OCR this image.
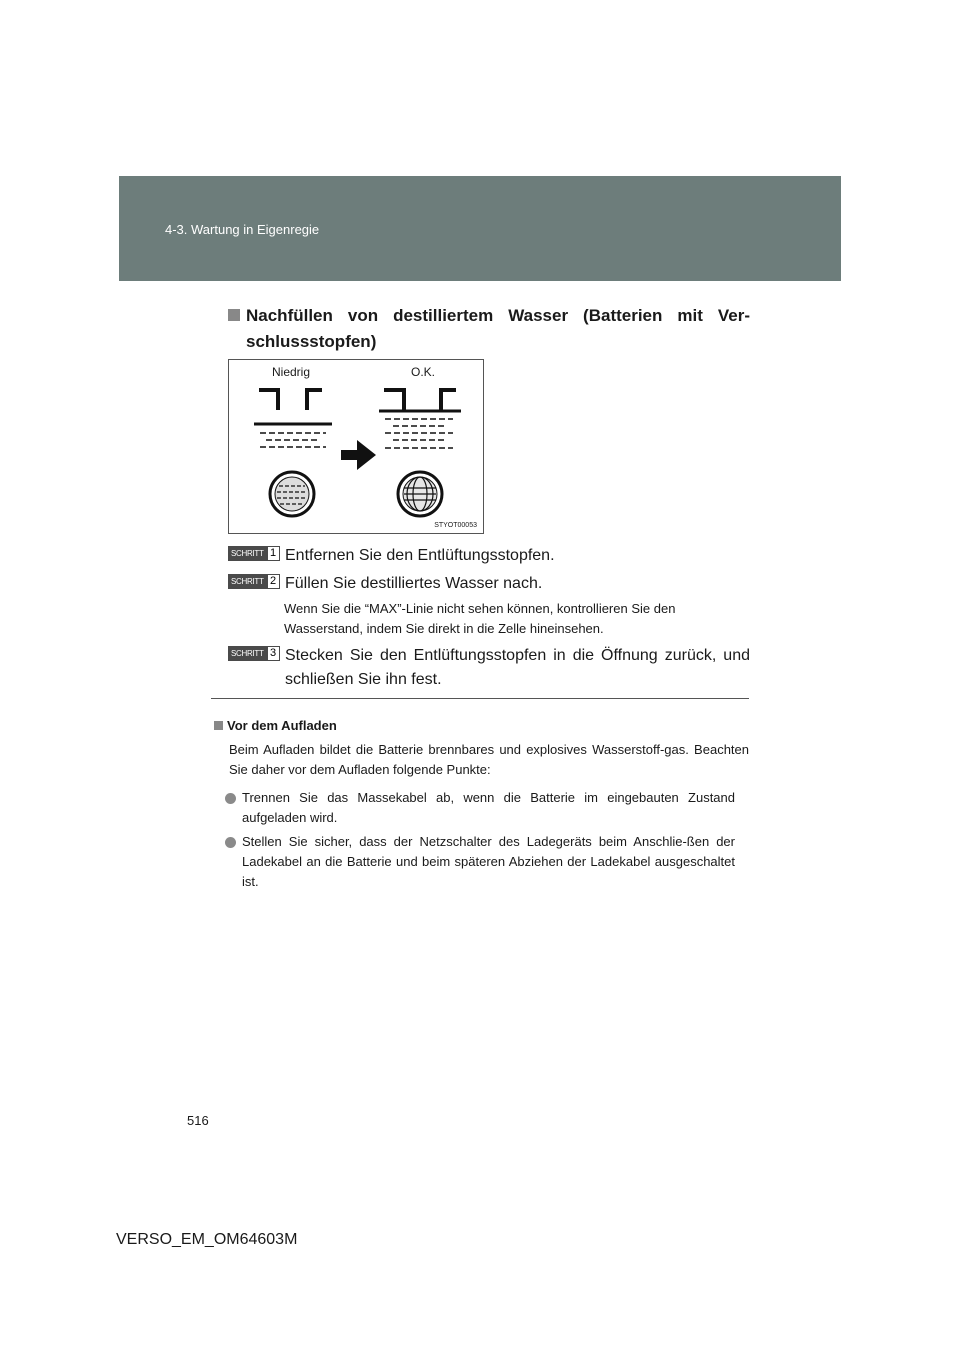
4-3. Wartung in Eigenregie
Nachfüllen von destilliertem Wasser (Batterien mit Ver-schlussstopfen)
Niedrig	O.K.
STYOT00053
SCHRITT 1 Entfernen Sie den Entlüftungsstopfen.
SCHRITT 2 Füllen Sie destilliertes Wasser nach.
Wenn Sie die “MAX”-Linie nicht sehen können, kontrollieren Sie den Wasserstand, indem Sie direkt in die Zelle hineinsehen.
SCHRITT 3 Stecken Sie den Entlüftungsstopfen in die Öffnung zurück, und schließen Sie ihn fest.
Vor dem Aufladen
Beim Aufladen bildet die Batterie brennbares und explosives Wasserstoff-gas. Beachten Sie daher vor dem Aufladen folgende Punkte:
Trennen Sie das Massekabel ab, wenn die Batterie im eingebauten Zustand aufgeladen wird.
Stellen Sie sicher, dass der Netzschalter des Ladegeräts beim Anschlie-ßen der Ladekabel an die Batterie und beim späteren Abziehen der Ladekabel ausgeschaltet ist.
516
VERSO_EM_OM64603M
